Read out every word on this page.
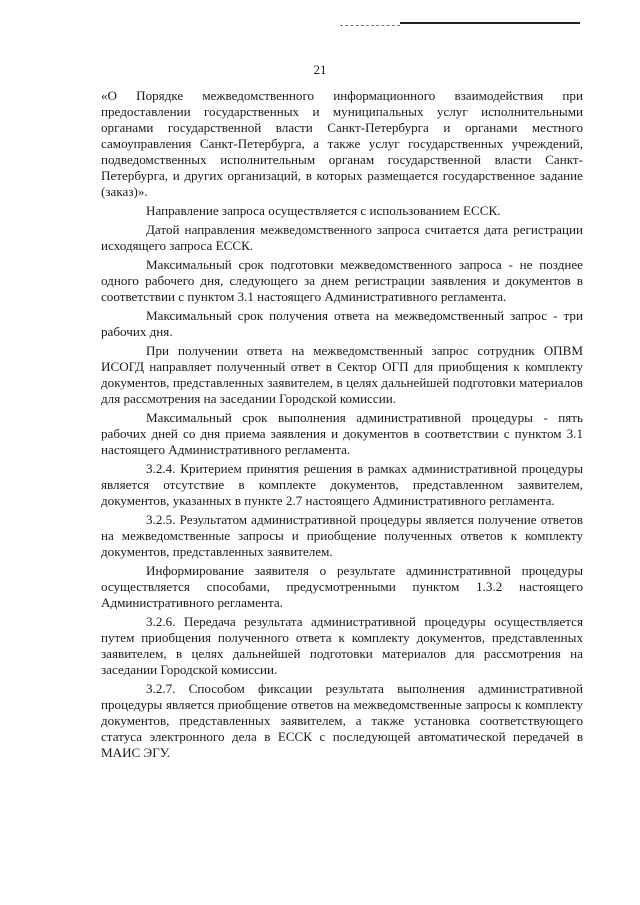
21

«О Порядке межведомственного информационного взаимодействия при предоставлении государственных и муниципальных услуг исполнительными органами государственной власти Санкт-Петербурга и органами местного самоуправления Санкт-Петербурга, а также услуг государственных учреждений, подведомственных исполнительным органам государственной власти Санкт-Петербурга, и других организаций, в которых размещается государственное задание (заказ)».

Направление запроса осуществляется с использованием ЕССК.

Датой направления межведомственного запроса считается дата регистрации исходящего запроса ЕССК.

Максимальный срок подготовки межведомственного запроса - не позднее одного рабочего дня, следующего за днем регистрации заявления и документов в соответствии с пунктом 3.1 настоящего Административного регламента.

Максимальный срок получения ответа на межведомственный запрос - три рабочих дня.

При получении ответа на межведомственный запрос сотрудник ОПВМ ИСОГД направляет полученный ответ в Сектор ОГП для приобщения к комплекту документов, представленных заявителем, в целях дальнейшей подготовки материалов для рассмотрения на заседании Городской комиссии.

Максимальный срок выполнения административной процедуры - пять рабочих дней со дня приема заявления и документов в соответствии с пунктом 3.1 настоящего Административного регламента.

3.2.4. Критерием принятия решения в рамках административной процедуры является отсутствие в комплекте документов, представленном заявителем, документов, указанных в пункте 2.7 настоящего Административного регламента.

3.2.5. Результатом административной процедуры является получение ответов на межведомственные запросы и приобщение полученных ответов к комплекту документов, представленных заявителем.

Информирование заявителя о результате административной процедуры осуществляется способами, предусмотренными пунктом 1.3.2 настоящего Административного регламента.

3.2.6. Передача результата административной процедуры осуществляется путем приобщения полученного ответа к комплекту документов, представленных заявителем, в целях дальнейшей подготовки материалов для рассмотрения на заседании Городской комиссии.

3.2.7. Способом фиксации результата выполнения административной процедуры является приобщение ответов на межведомственные запросы к комплекту документов, представленных заявителем, а также установка соответствующего статуса электронного дела в ЕССК с последующей автоматической передачей в МАИС ЭГУ.
